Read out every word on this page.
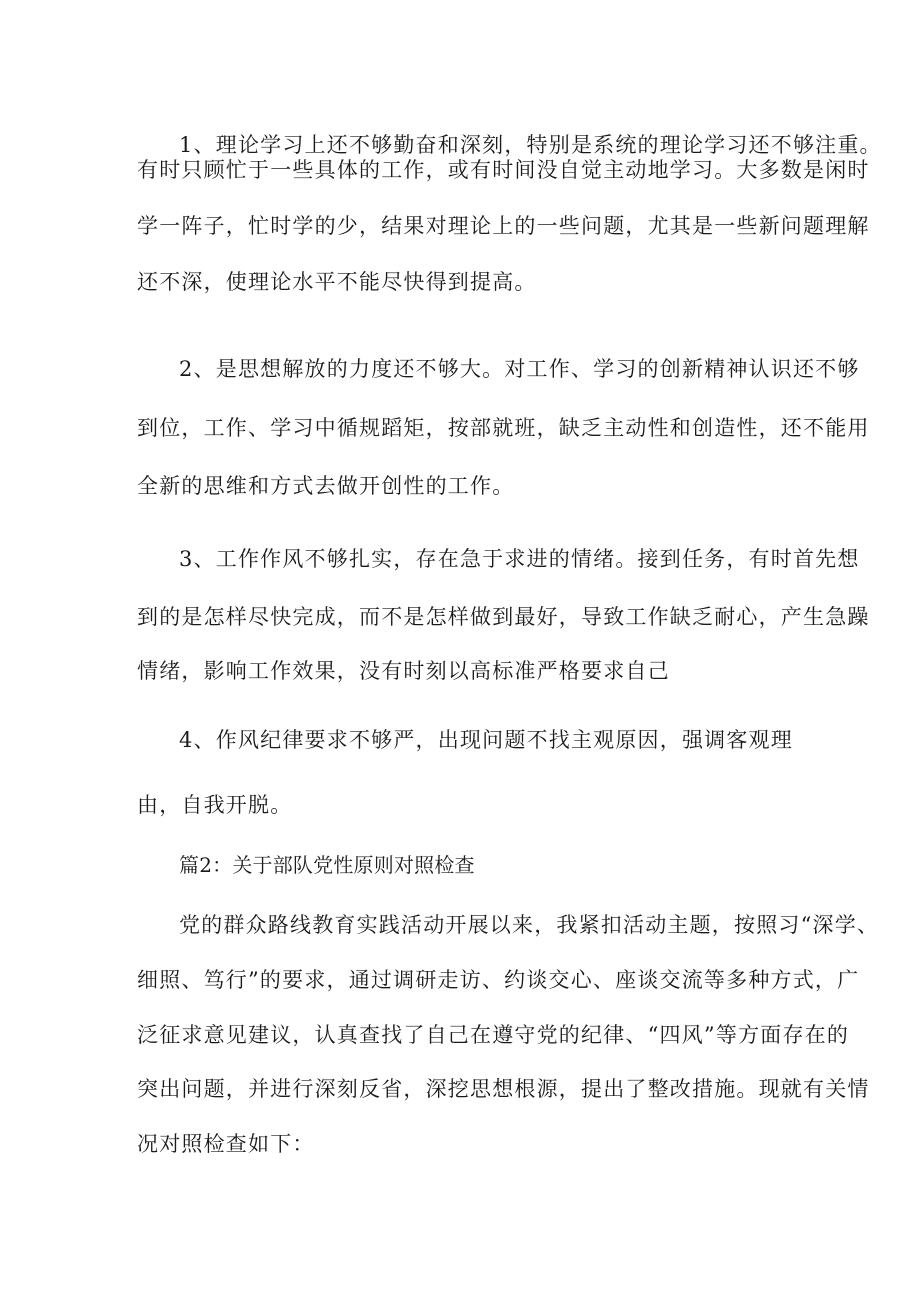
1、理论学习上还不够勤奋和深刻，特别是系统的理论学习还不够注重。
有时只顾忙于一些具体的工作，或有时间没自觉主动地学习。大多数是闲时
学一阵子，忙时学的少，结果对理论上的一些问题，尤其是一些新问题理解
还不深，使理论水平不能尽快得到提高。
2、是思想解放的力度还不够大。对工作、学习的创新精神认识还不够
到位，工作、学习中循规蹈矩，按部就班，缺乏主动性和创造性，还不能用
全新的思维和方式去做开创性的工作。
3、工作作风不够扎实，存在急于求进的情绪。接到任务，有时首先想
到的是怎样尽快完成，而不是怎样做到最好，导致工作缺乏耐心，产生急躁
情绪，影响工作效果，没有时刻以高标准严格要求自己
4、作风纪律要求不够严，出现问题不找主观原因，强调客观理
由，自我开脱。
篇2：关于部队党性原则对照检查
党的群众路线教育实践活动开展以来，我紧扣活动主题，按照习“深学、
细照、笃行”的要求，通过调研走访、约谈交心、座谈交流等多种方式，广
泛征求意见建议，认真查找了自己在遵守党的纪律、“四风”等方面存在的
突出问题，并进行深刻反省，深挖思想根源，提出了整改措施。现就有关情
况对照检查如下：
